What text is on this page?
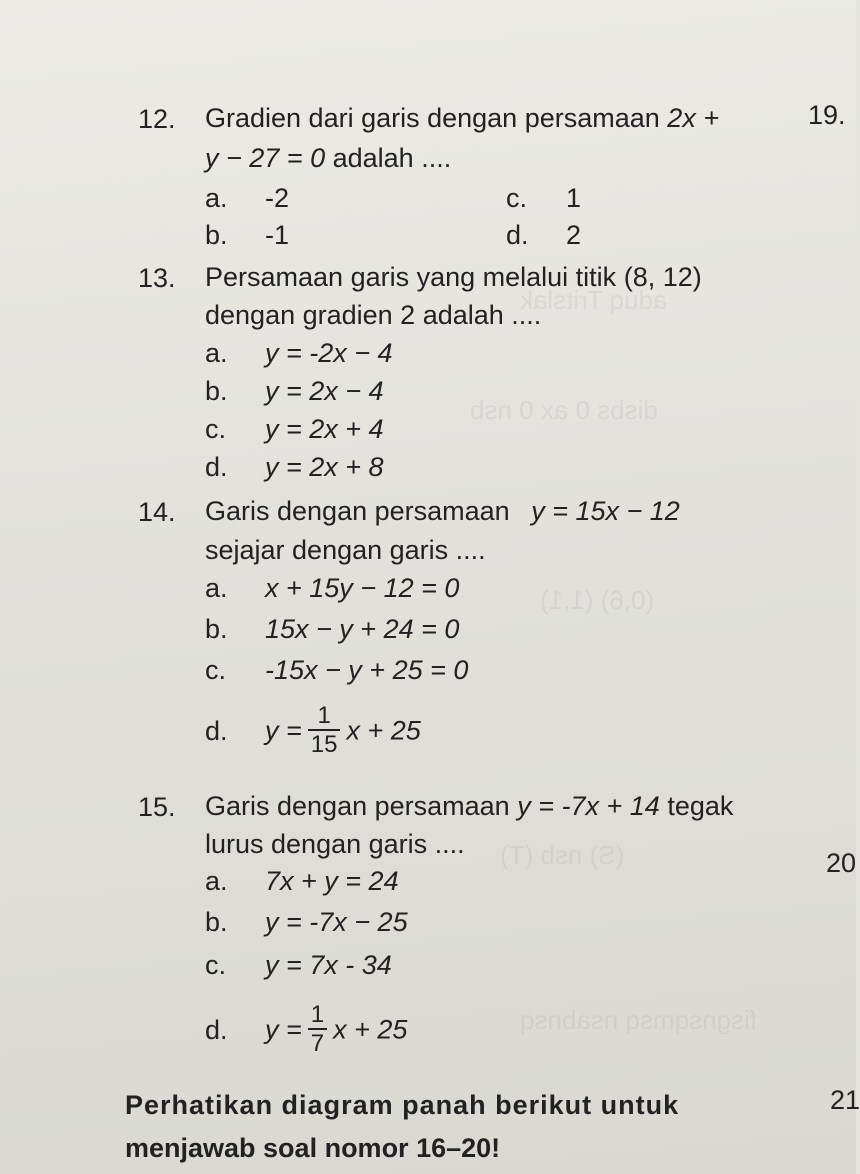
aduq Tritslak
disbs 0 ax 0 nsb
(0,6) (1,1)
(S) nsb (T)
fisgnsqmsq nsabnsq
19.
20
21
12. Gradien dari garis dengan persamaan 2x +
y − 27 = 0 adalah ....
a. -2
b. -1
c. 1
d. 2
13. Persamaan garis yang melalui titik (8, 12)
dengan gradien 2 adalah ....
a. y = -2x − 4
b. y = 2x − 4
c. y = 2x + 4
d. y = 2x + 8
14. Garis dengan persamaan y = 15x − 12
sejajar dengan garis ....
a. x + 15y − 12 = 0
b. 15x − y + 24 = 0
c. -15x − y + 25 = 0
d. $y = \frac{1}{15}$ x + 25
15. Garis dengan persamaan y = -7x + 14 tegak
lurus dengan garis ....
a. 7x + y = 24
b. y = -7x − 25
c. y = 7x - 34
d. $y = \frac{1}{7}$ x + 25
Perhatikan diagram panah berikut untuk
menjawab soal nomor 16–20!
